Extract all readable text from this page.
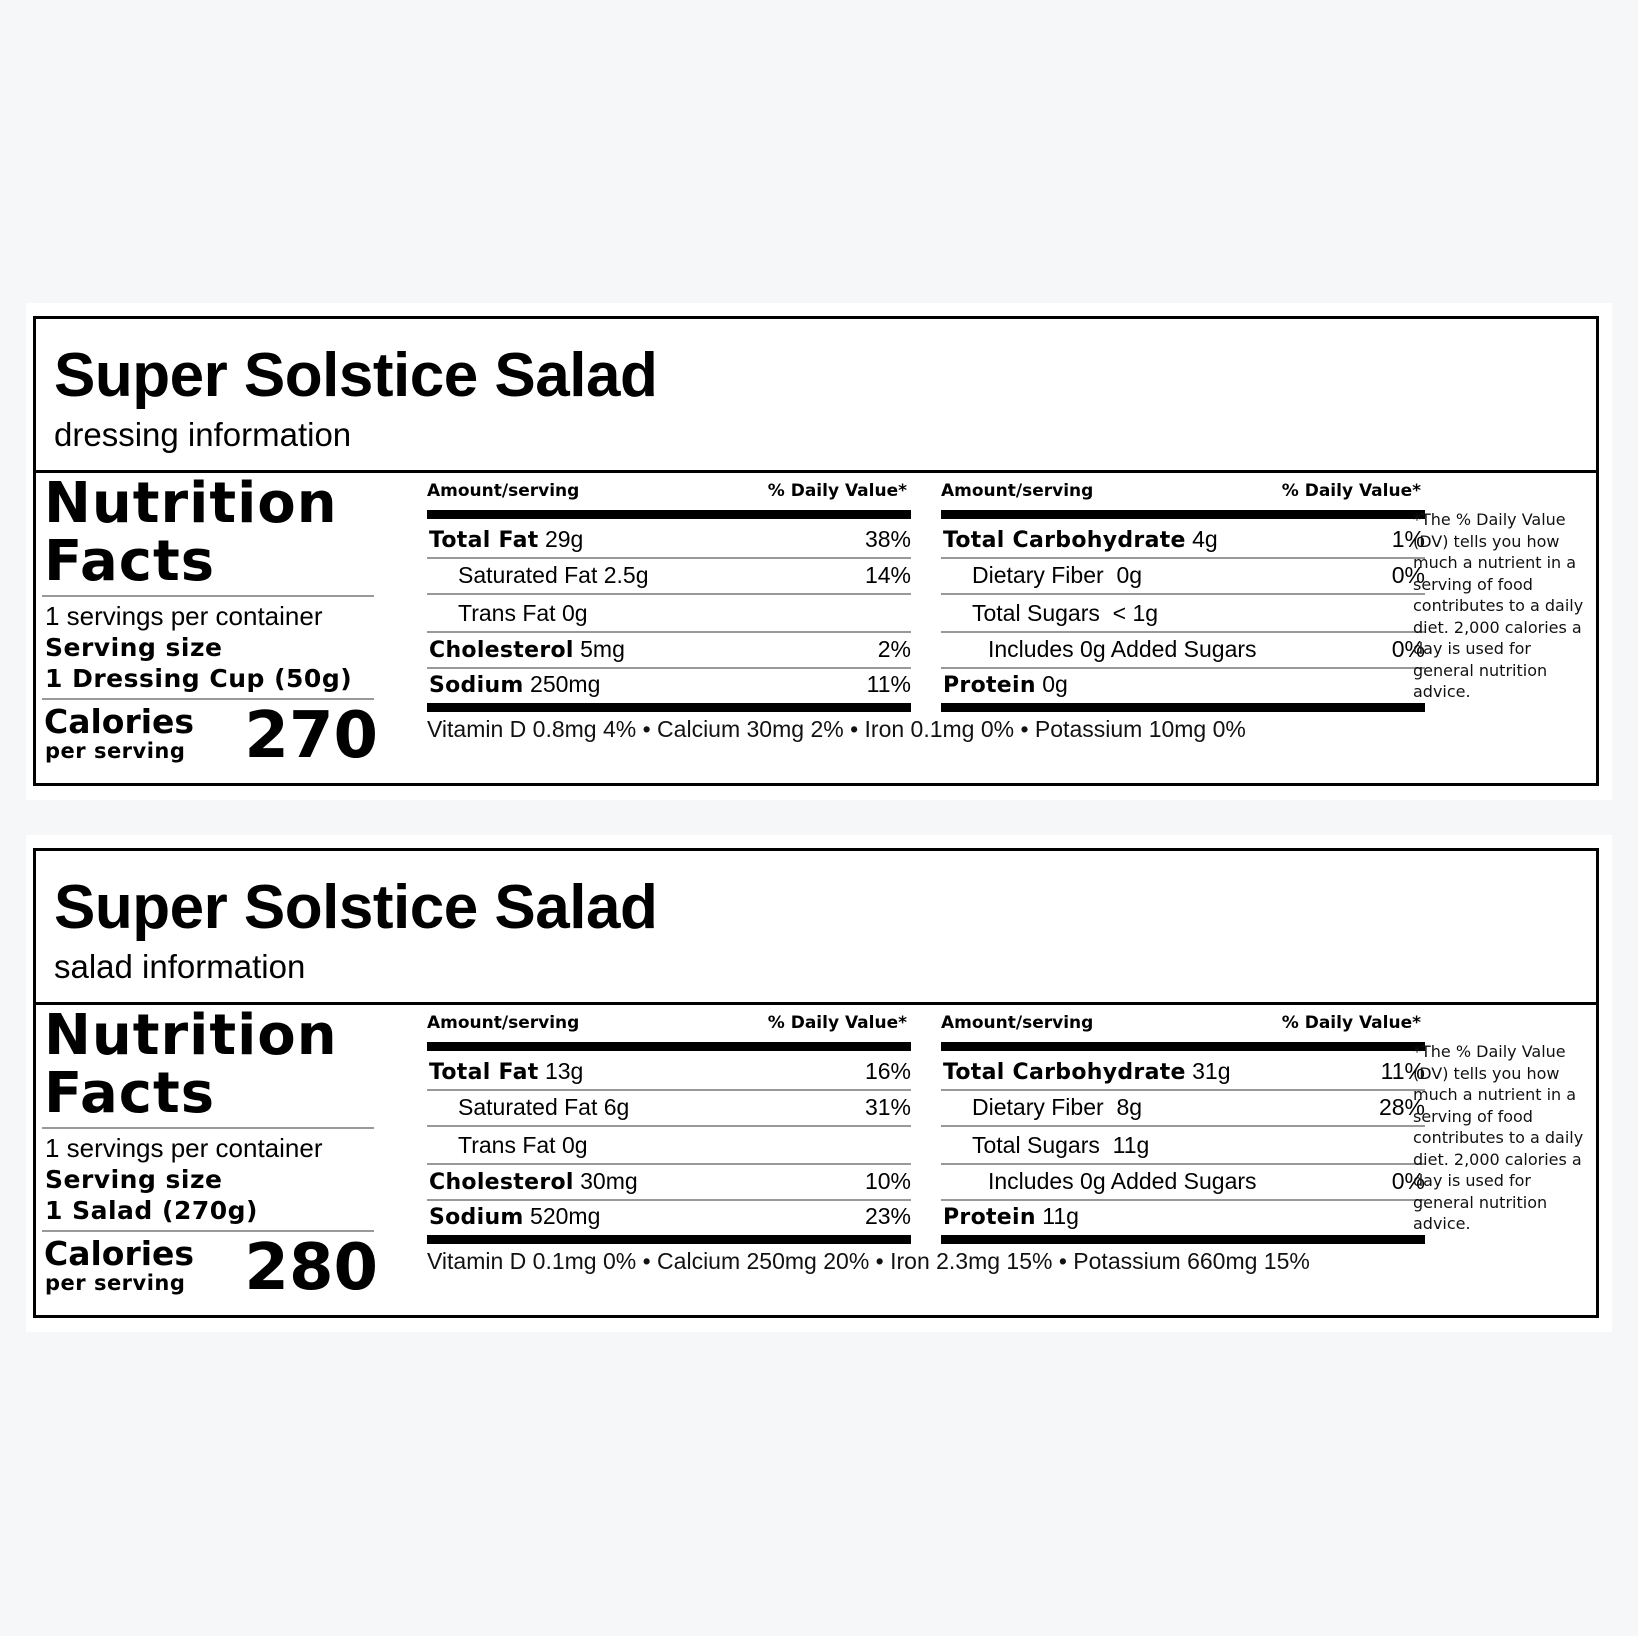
Super Solstice Salad
dressing information
Nutrition
Facts
1 servings per container
Serving size
1 Dressing Cup (50g)
Calories
per serving 270
Amount/serving	% Daily Value*
Total Fat 29g	38%
Saturated Fat 2.5g	14%
Trans Fat 0g
Cholesterol 5mg	2%
Sodium 250mg	11%
Amount/serving	% Daily Value*
Total Carbohydrate 4g	1%
Dietary Fiber 0g	0%
Total Sugars < 1g
Includes 0g Added Sugars	0%
Protein 0g
Vitamin D 0.8mg 4% • Calcium 30mg 2% • Iron 0.1mg 0% • Potassium 10mg 0%
*The % Daily Value (DV) tells you how much a nutrient in a serving of food contributes to a daily diet. 2,000 calories a day is used for general nutrition advice.
Super Solstice Salad
salad information
Nutrition
Facts
1 servings per container
Serving size
1 Salad (270g)
Calories
per serving 280
Amount/serving	% Daily Value*
Total Fat 13g	16%
Saturated Fat 6g	31%
Trans Fat 0g
Cholesterol 30mg	10%
Sodium 520mg	23%
Amount/serving	% Daily Value*
Total Carbohydrate 31g	11%
Dietary Fiber 8g	28%
Total Sugars 11g
Includes 0g Added Sugars	0%
Protein 11g
Vitamin D 0.1mg 0% • Calcium 250mg 20% • Iron 2.3mg 15% • Potassium 660mg 15%
*The % Daily Value (DV) tells you how much a nutrient in a serving of food contributes to a daily diet. 2,000 calories a day is used for general nutrition advice.
